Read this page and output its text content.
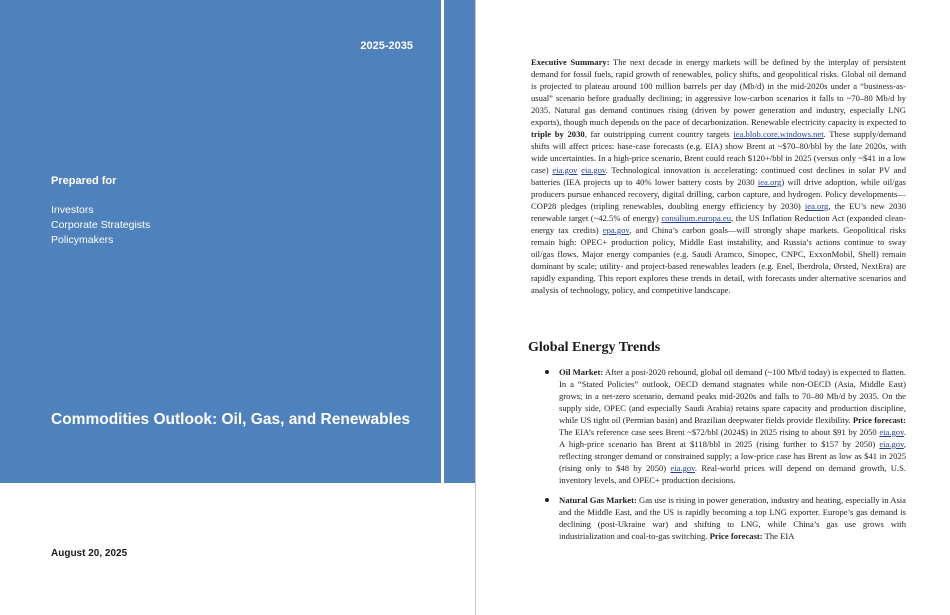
2025-2035
Prepared for
Investors
Corporate Strategists
Policymakers
Commodities Outlook: Oil, Gas, and Renewables
August 20, 2025

Executive Summary: The next decade in energy markets will be defined by the interplay of persistent demand for fossil fuels, rapid growth of renewables, policy shifts, and geopolitical risks. Global oil demand is projected to plateau around 100 million barrels per day (Mb/d) in the mid-2020s under a “business-as-usual” scenario before gradually declining; in aggressive low-carbon scenarios it falls to ~70–80 Mb/d by 2035. Natural gas demand continues rising (driven by power generation and industry, especially LNG exports), though much depends on the pace of decarbonization. Renewable electricity capacity is expected to triple by 2030, far outstripping current country targets iea.blob.core.windows.net. These supply/demand shifts will affect prices: base-case forecasts (e.g. EIA) show Brent at ~$70–80/bbl by the late 2020s, with wide uncertainties. In a high-price scenario, Brent could reach $120+/bbl in 2025 (versus only ~$41 in a low case) eia.gov eia.gov. Technological innovation is accelerating: continued cost declines in solar PV and batteries (IEA projects up to 40% lower battery costs by 2030 iea.org) will drive adoption, while oil/gas producers pursue enhanced recovery, digital drilling, carbon capture, and hydrogen. Policy developments—COP28 pledges (tripling renewables, doubling energy efficiency by 2030) iea.org, the EU’s new 2030 renewable target (~42.5% of energy) consilium.europa.eu, the US Inflation Reduction Act (expanded clean-energy tax credits) epa.gov, and China’s carbon goals—will strongly shape markets. Geopolitical risks remain high: OPEC+ production policy, Middle East instability, and Russia’s actions continue to sway oil/gas flows. Major energy companies (e.g. Saudi Aramco, Sinopec, CNPC, ExxonMobil, Shell) remain dominant by scale; utility- and project-based renewables leaders (e.g. Enel, Iberdrola, Ørsted, NextEra) are rapidly expanding. This report explores these trends in detail, with forecasts under alternative scenarios and analysis of technology, policy, and competitive landscape.

Global Energy Trends
Oil Market: After a post-2020 rebound, global oil demand (~100 Mb/d today) is expected to flatten. In a “Stated Policies” outlook, OECD demand stagnates while non-OECD (Asia, Middle East) grows; in a net-zero scenario, demand peaks mid-2020s and falls to 70–80 Mb/d by 2035. On the supply side, OPEC (and especially Saudi Arabia) retains spare capacity and production discipline, while US tight oil (Permian basin) and Brazilian deepwater fields provide flexibility. Price forecast: The EIA’s reference case sees Brent ~$72/bbl (2024$) in 2025 rising to about $91 by 2050 eia.gov. A high-price scenario has Brent at $118/bbl in 2025 (rising further to $157 by 2050) eia.gov, reflecting stronger demand or constrained supply; a low-price case has Brent as low as $41 in 2025 (rising only to $48 by 2050) eia.gov. Real-world prices will depend on demand growth, U.S. inventory levels, and OPEC+ production decisions.
Natural Gas Market: Gas use is rising in power generation, industry and heating, especially in Asia and the Middle East, and the US is rapidly becoming a top LNG exporter. Europe’s gas demand is declining (post-Ukraine war) and shifting to LNG, while China’s gas use grows with industrialization and coal-to-gas switching. Price forecast: The EIA
